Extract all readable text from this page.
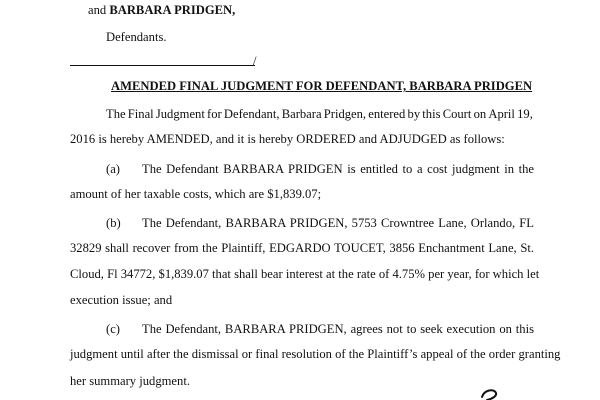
and BARBARA PRIDGEN,
Defendants.
/
AMENDED FINAL JUDGMENT FOR DEFENDANT, BARBARA PRIDGEN
The Final Judgment for Defendant, Barbara Pridgen, entered by this Court on April 19,
2016 is hereby AMENDED, and it is hereby ORDERED and ADJUDGED as follows:
(a) The Defendant BARBARA PRIDGEN is entitled to a cost judgment in the
amount of her taxable costs, which are $1,839.07;
(b) The Defendant, BARBARA PRIDGEN, 5753 Crowntree Lane, Orlando, FL
32829 shall recover from the Plaintiff, EDGARDO TOUCET, 3856 Enchantment Lane, St.
Cloud, Fl 34772, $1,839.07 that shall bear interest at the rate of 4.75% per year, for which let
execution issue; and
(c) The Defendant, BARBARA PRIDGEN, agrees not to seek execution on this
judgment until after the dismissal or final resolution of the Plaintiff’s appeal of the order granting
her summary judgment.
